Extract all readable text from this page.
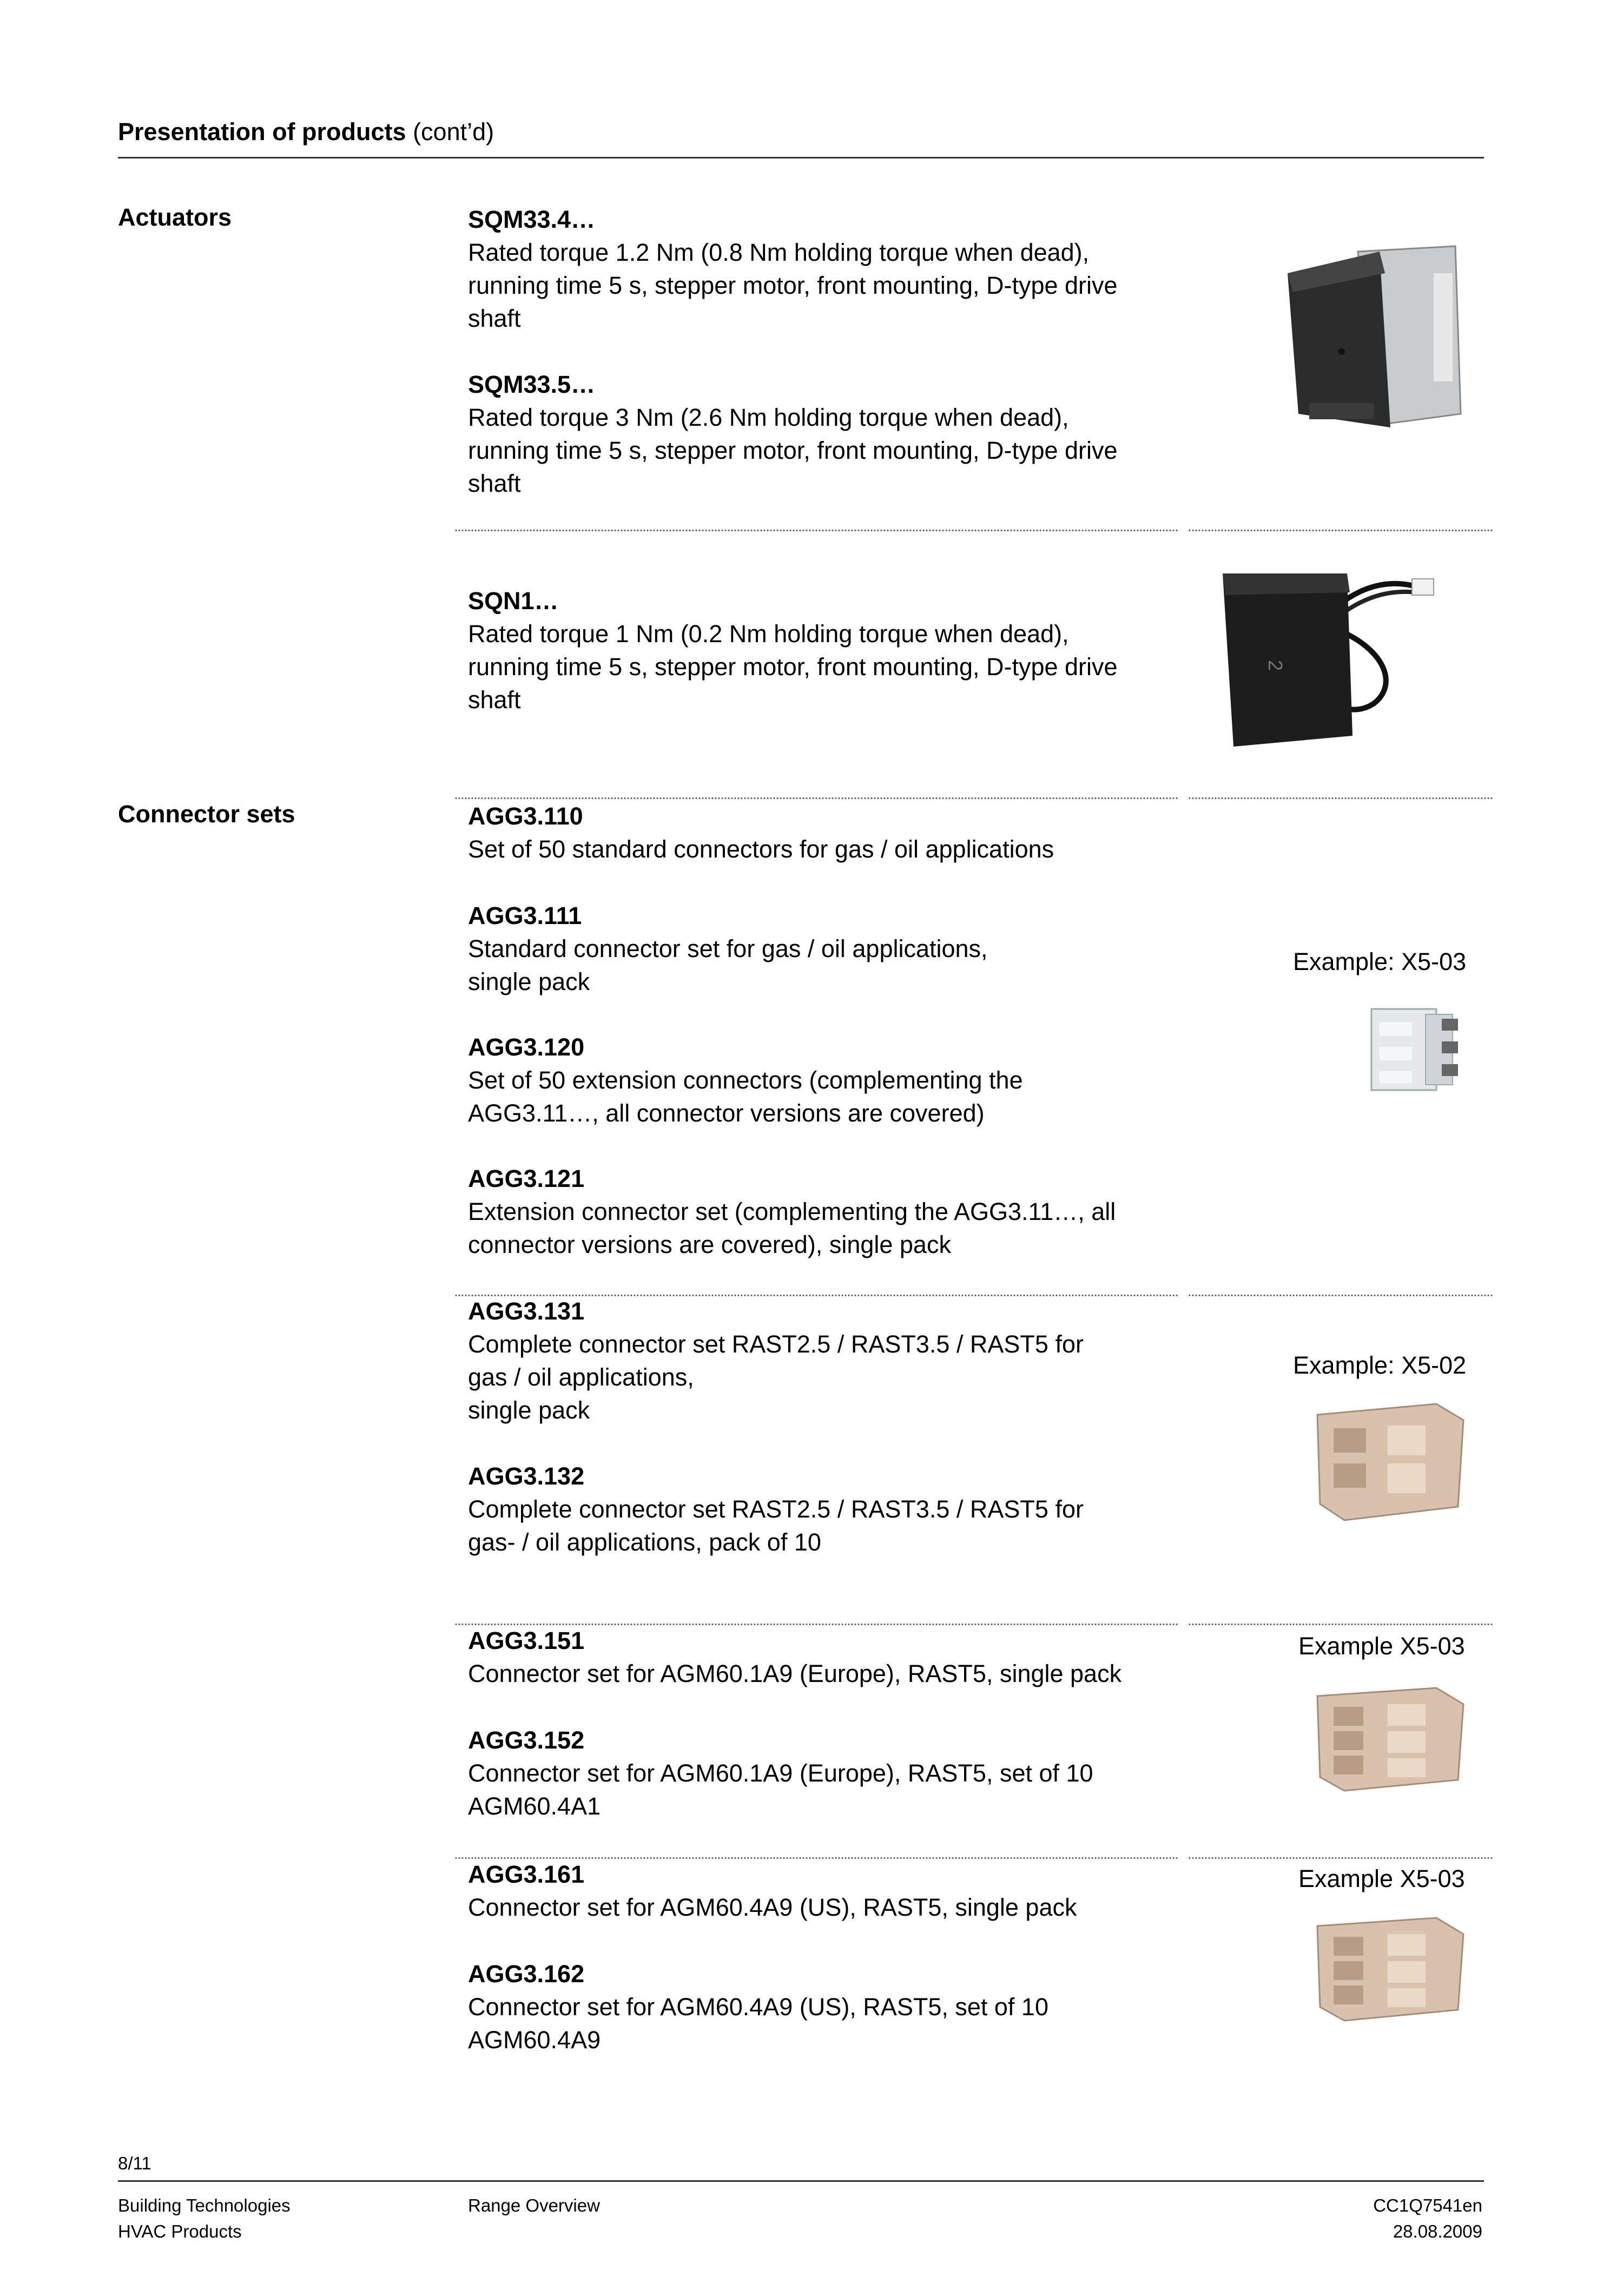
Presentation of products (cont’d)
Actuators	SQM33.4…
Rated torque 1.2 Nm (0.8 Nm holding torque when dead),
running time 5 s, stepper motor, front mounting, D-type drive
shaft
SQM33.5…
Rated torque 3 Nm (2.6 Nm holding torque when dead),
running time 5 s, stepper motor, front mounting, D-type drive
shaft
SQN1…
Rated torque 1 Nm (0.2 Nm holding torque when dead),
running time 5 s, stepper motor, front mounting, D-type drive
shaft
2
Connector sets	AGG3.110
Set of 50 standard connectors for gas / oil applications
AGG3.111
Standard connector set for gas / oil applications,
single pack
AGG3.120
Set of 50 extension connectors (complementing the
AGG3.11…, all connector versions are covered)
AGG3.121
Extension connector set (complementing the AGG3.11…, all
connector versions are covered), single pack
Example: X5-03
AGG3.131
Complete connector set RAST2.5 / RAST3.5 / RAST5 for
gas / oil applications,
single pack
AGG3.132
Complete connector set RAST2.5 / RAST3.5 / RAST5 for
gas- / oil applications, pack of 10
Example: X5-02
AGG3.151
Connector set for AGM60.1A9 (Europe), RAST5, single pack
AGG3.152
Connector set for AGM60.1A9 (Europe), RAST5, set of 10
AGM60.4A1
Example X5-03
AGG3.161
Connector set for AGM60.4A9 (US), RAST5, single pack
AGG3.162
Connector set for AGM60.4A9 (US), RAST5, set of 10
AGM60.4A9
Example X5-03
8/11
Building Technologies
HVAC Products
Range Overview	CC1Q7541en
28.08.2009
